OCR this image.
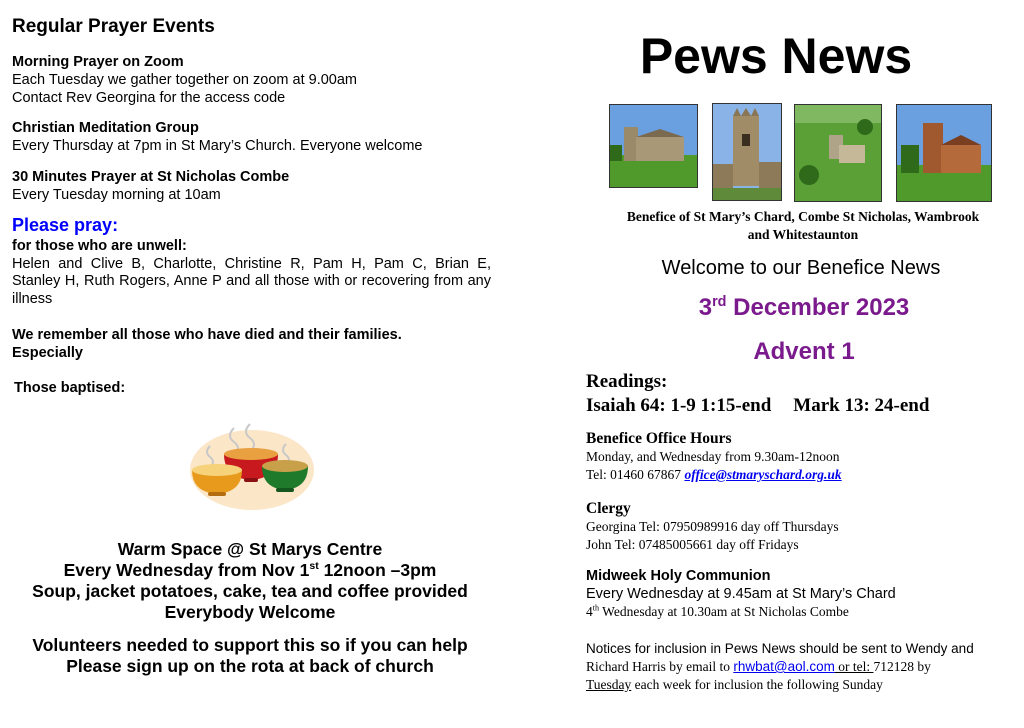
Regular Prayer Events

Morning Prayer on Zoom

Each Tuesday we gather together on zoom at 9.00am

Contact Rev Georgina for the access code

Christian Meditation Group

Every Thursday at 7pm in St Mary’s Church. Everyone welcome

30 Minutes Prayer at St Nicholas Combe

Every Tuesday morning at 10am

Please pray:

for those who are unwell:

Helen and Clive B, Charlotte, Christine R, Pam H, Pam C, Brian E, Stanley H, Ruth Rogers, Anne P and all those with or recovering from any illness

We remember all those who have died and their families.

Especially

Those baptised:

Warm Space @ St Marys Centre

Every Wednesday from Nov 1st 12noon –3pm

Soup, jacket potatoes, cake, tea and coffee provided

Everybody Welcome

Volunteers needed to support this so if you can help

Please sign up on the rota at back of church

Pews News

Benefice of St Mary’s Chard, Combe St Nicholas, Wambrook

and Whitestaunton

Welcome to our Benefice News
3rd December 2023
Advent 1

Readings:

Isaiah 64: 1-9 1:15-end Mark 13: 24-end

Benefice Office Hours

Monday, and Wednesday from 9.30am-12noon

Tel: 01460 67867 office@stmaryschard.org.uk

Clergy

Georgina Tel: 07950989916 day off Thursdays

John Tel: 07485005661 day off Fridays

Midweek Holy Communion

Every Wednesday at 9.45am at St Mary’s Chard

4th Wednesday at 10.30am at St Nicholas Combe

Notices for inclusion in Pews News should be sent to Wendy and

Richard Harris by email to rhwbat@aol.com or tel: 712128 by

Tuesday each week for inclusion the following Sunday
